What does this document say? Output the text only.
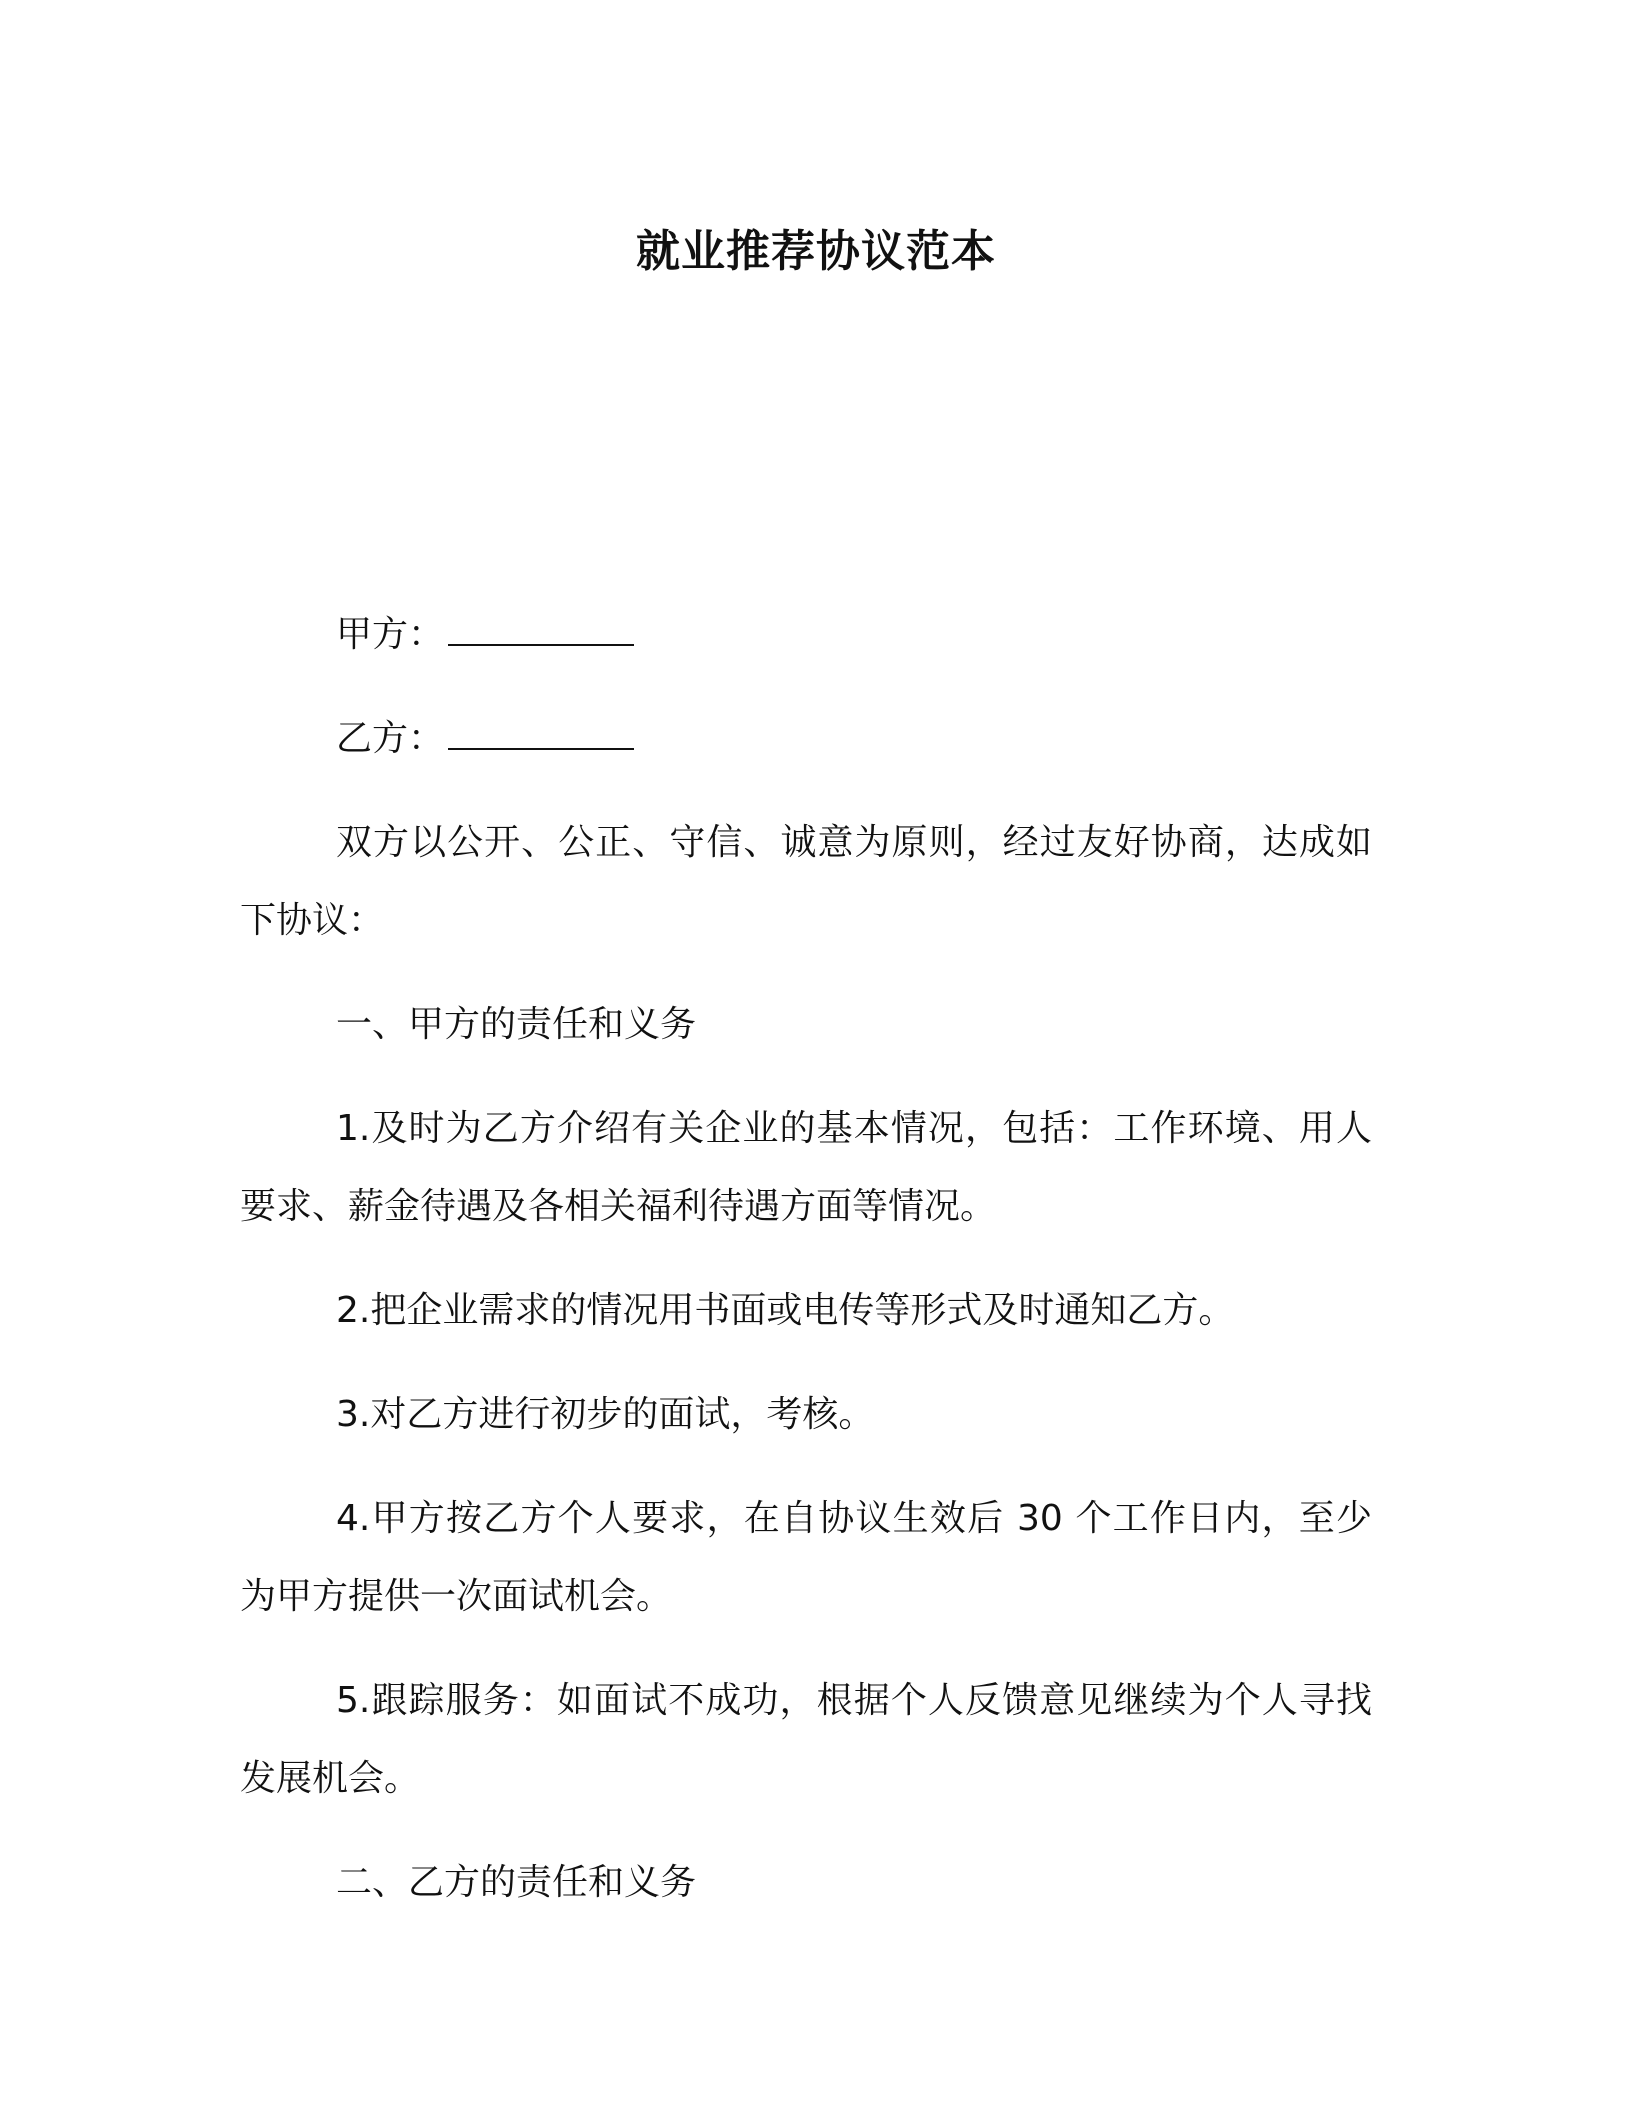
就业推荐协议范本

甲方：

乙方：

双方以公开、公正、守信、诚意为原则，经过友好协商，达成如下协议：

一、甲方的责任和义务

1.及时为乙方介绍有关企业的基本情况，包括：工作环境、用人要求、薪金待遇及各相关福利待遇方面等情况。

2.把企业需求的情况用书面或电传等形式及时通知乙方。

3.对乙方进行初步的面试，考核。

4.甲方按乙方个人要求，在自协议生效后 30 个工作日内，至少为甲方提供一次面试机会。

5.跟踪服务：如面试不成功，根据个人反馈意见继续为个人寻找发展机会。

二、乙方的责任和义务
